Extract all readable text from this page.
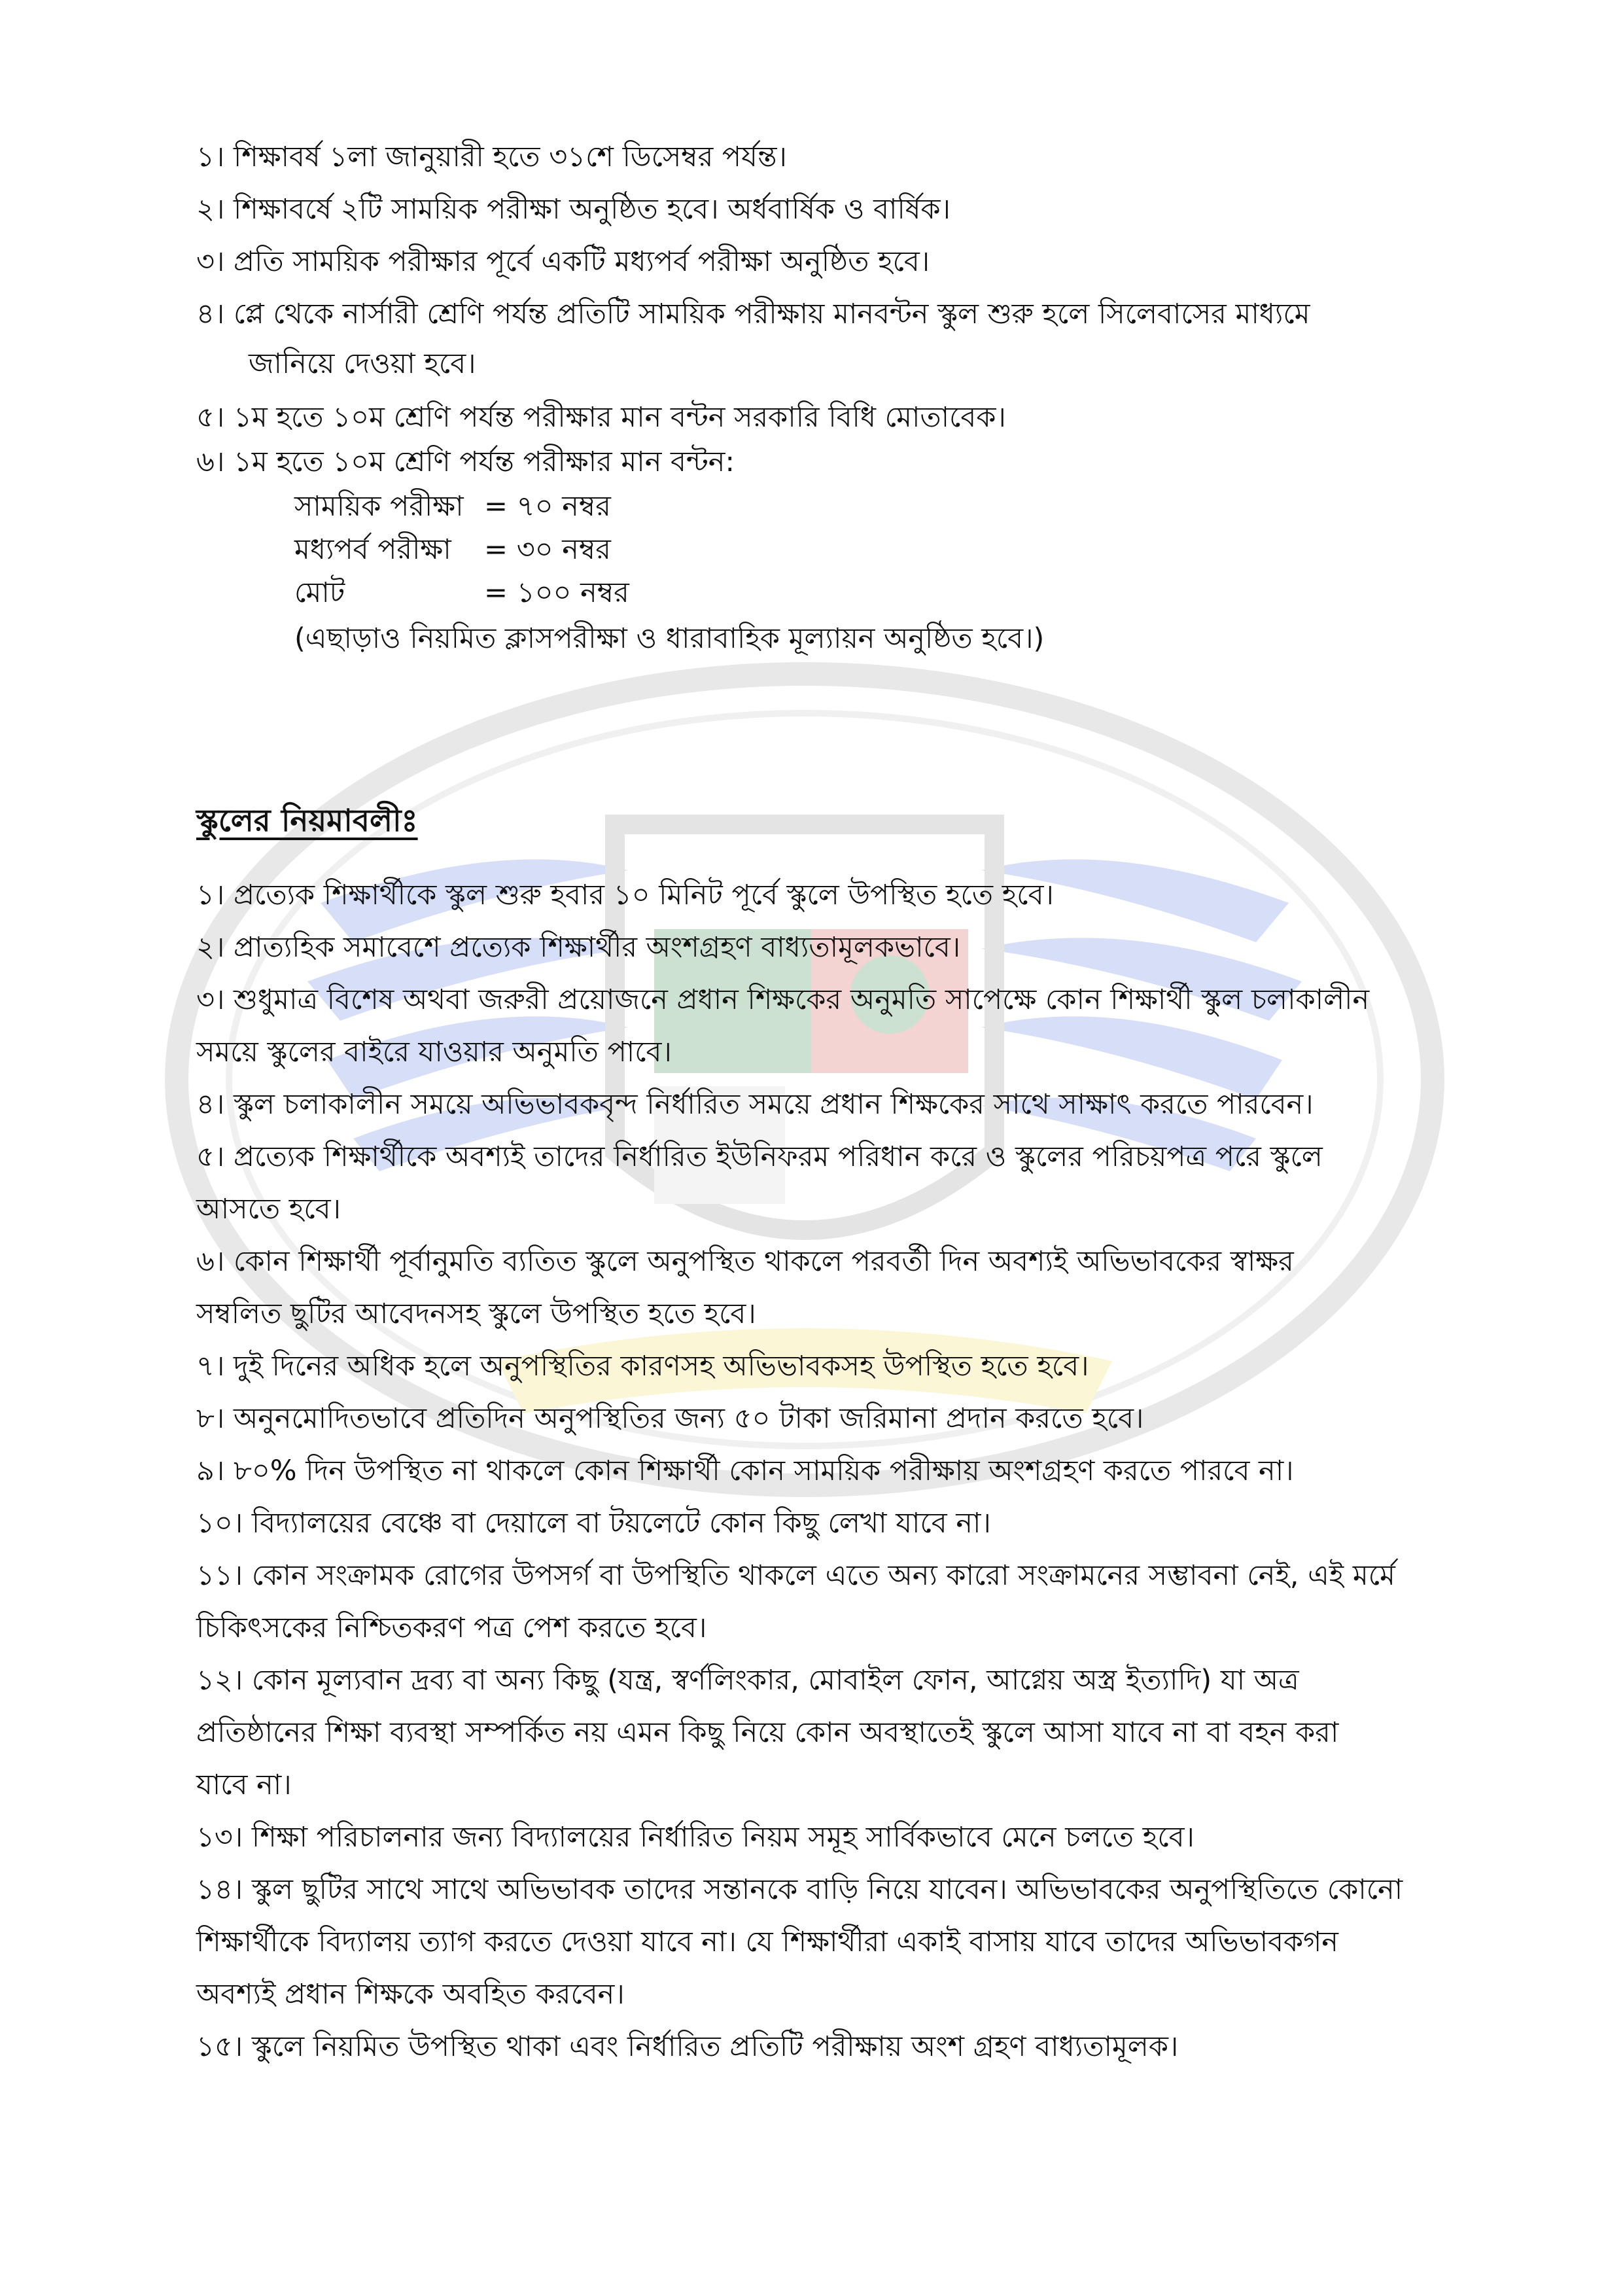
১। শিক্ষাবর্ষ ১লা জানুয়ারী হতে ৩১শে ডিসেম্বর পর্যন্ত।
২। শিক্ষাবর্ষে ২টি সাময়িক পরীক্ষা অনুষ্ঠিত হবে। অর্ধবার্ষিক ও বার্ষিক।
৩। প্রতি সাময়িক পরীক্ষার পূর্বে একটি মধ্যপর্ব পরীক্ষা অনুষ্ঠিত হবে।
৪। প্লে থেকে নার্সারী শ্রেণি পর্যন্ত প্রতিটি সাময়িক পরীক্ষায় মানবন্টন স্কুল শুরু হলে সিলেবাসের মাধ্যমে
জানিয়ে দেওয়া হবে।
৫। ১ম হতে ১০ম শ্রেণি পর্যন্ত পরীক্ষার মান বন্টন সরকারি বিধি মোতাবেক।
৬। ১ম হতে ১০ম শ্রেণি পর্যন্ত পরীক্ষার মান বন্টন:
সাময়িক পরীক্ষা = ৭০ নম্বর
মধ্যপর্ব পরীক্ষা	= ৩০ নম্বর
মোট	= ১০০ নম্বর
(এছাড়াও নিয়মিত ক্লাসপরীক্ষা ও ধারাবাহিক মূল্যায়ন অনুষ্ঠিত হবে।)
স্কুলের নিয়মাবলীঃ
১। প্রত্যেক শিক্ষার্থীকে স্কুল শুরু হবার ১০ মিনিট পূর্বে স্কুলে উপস্থিত হতে হবে।
২। প্রাত্যহিক সমাবেশে প্রত্যেক শিক্ষার্থীর অংশগ্রহণ বাধ্যতামূলকভাবে।
৩। শুধুমাত্র বিশেষ অথবা জরুরী প্রয়োজনে প্রধান শিক্ষকের অনুমতি সাপেক্ষে কোন শিক্ষার্থী স্কুল চলাকালীন
সময়ে স্কুলের বাইরে যাওয়ার অনুমতি পাবে।
৪। স্কুল চলাকালীন সময়ে অভিভাবকবৃন্দ নির্ধারিত সময়ে প্রধান শিক্ষকের সাথে সাক্ষাৎ করতে পারবেন।
৫। প্রত্যেক শিক্ষার্থীকে অবশ্যই তাদের নির্ধারিত ইউনিফরম পরিধান করে ও স্কুলের পরিচয়পত্র পরে স্কুলে
আসতে হবে।
৬। কোন শিক্ষার্থী পূর্বানুমতি ব্যতিত স্কুলে অনুপস্থিত থাকলে পরবর্তী দিন অবশ্যই অভিভাবকের স্বাক্ষর
সম্বলিত ছুটির আবেদনসহ স্কুলে উপস্থিত হতে হবে।
৭। দুই দিনের অধিক হলে অনুপস্থিতির কারণসহ অভিভাবকসহ উপস্থিত হতে হবে।
৮। অনুনমোদিতভাবে প্রতিদিন অনুপস্থিতির জন্য ৫০ টাকা জরিমানা প্রদান করতে হবে।
৯। ৮০% দিন উপস্থিত না থাকলে কোন শিক্ষার্থী কোন সাময়িক পরীক্ষায় অংশগ্রহণ করতে পারবে না।
১০। বিদ্যালয়ের বেঞ্চে বা দেয়ালে বা টয়লেটে কোন কিছু লেখা যাবে না।
১১। কোন সংক্রামক রোগের উপসর্গ বা উপস্থিতি থাকলে এতে অন্য কারো সংক্রামনের সম্ভাবনা নেই, এই মর্মে
চিকিৎসকের নিশ্চিতকরণ পত্র পেশ করতে হবে।
১২। কোন মূল্যবান দ্রব্য বা অন্য কিছু (যন্ত্র, স্বর্ণলিংকার, মোবাইল ফোন, আগ্নেয় অস্ত্র ইত্যাদি) যা অত্র
প্রতিষ্ঠানের শিক্ষা ব্যবস্থা সম্পর্কিত নয় এমন কিছু নিয়ে কোন অবস্থাতেই স্কুলে আসা যাবে না বা বহন করা
যাবে না।
১৩। শিক্ষা পরিচালনার জন্য বিদ্যালয়ের নির্ধারিত নিয়ম সমূহ সার্বিকভাবে মেনে চলতে হবে।
১৪। স্কুল ছুটির সাথে সাথে অভিভাবক তাদের সন্তানকে বাড়ি নিয়ে যাবেন। অভিভাবকের অনুপস্থিতিতে কোনো
শিক্ষার্থীকে বিদ্যালয় ত্যাগ করতে দেওয়া যাবে না। যে শিক্ষার্থীরা একাই বাসায় যাবে তাদের অভিভাবকগন
অবশ্যই প্রধান শিক্ষকে অবহিত করবেন।
১৫। স্কুলে নিয়মিত উপস্থিত থাকা এবং নির্ধারিত প্রতিটি পরীক্ষায় অংশ গ্রহণ বাধ্যতামূলক।
